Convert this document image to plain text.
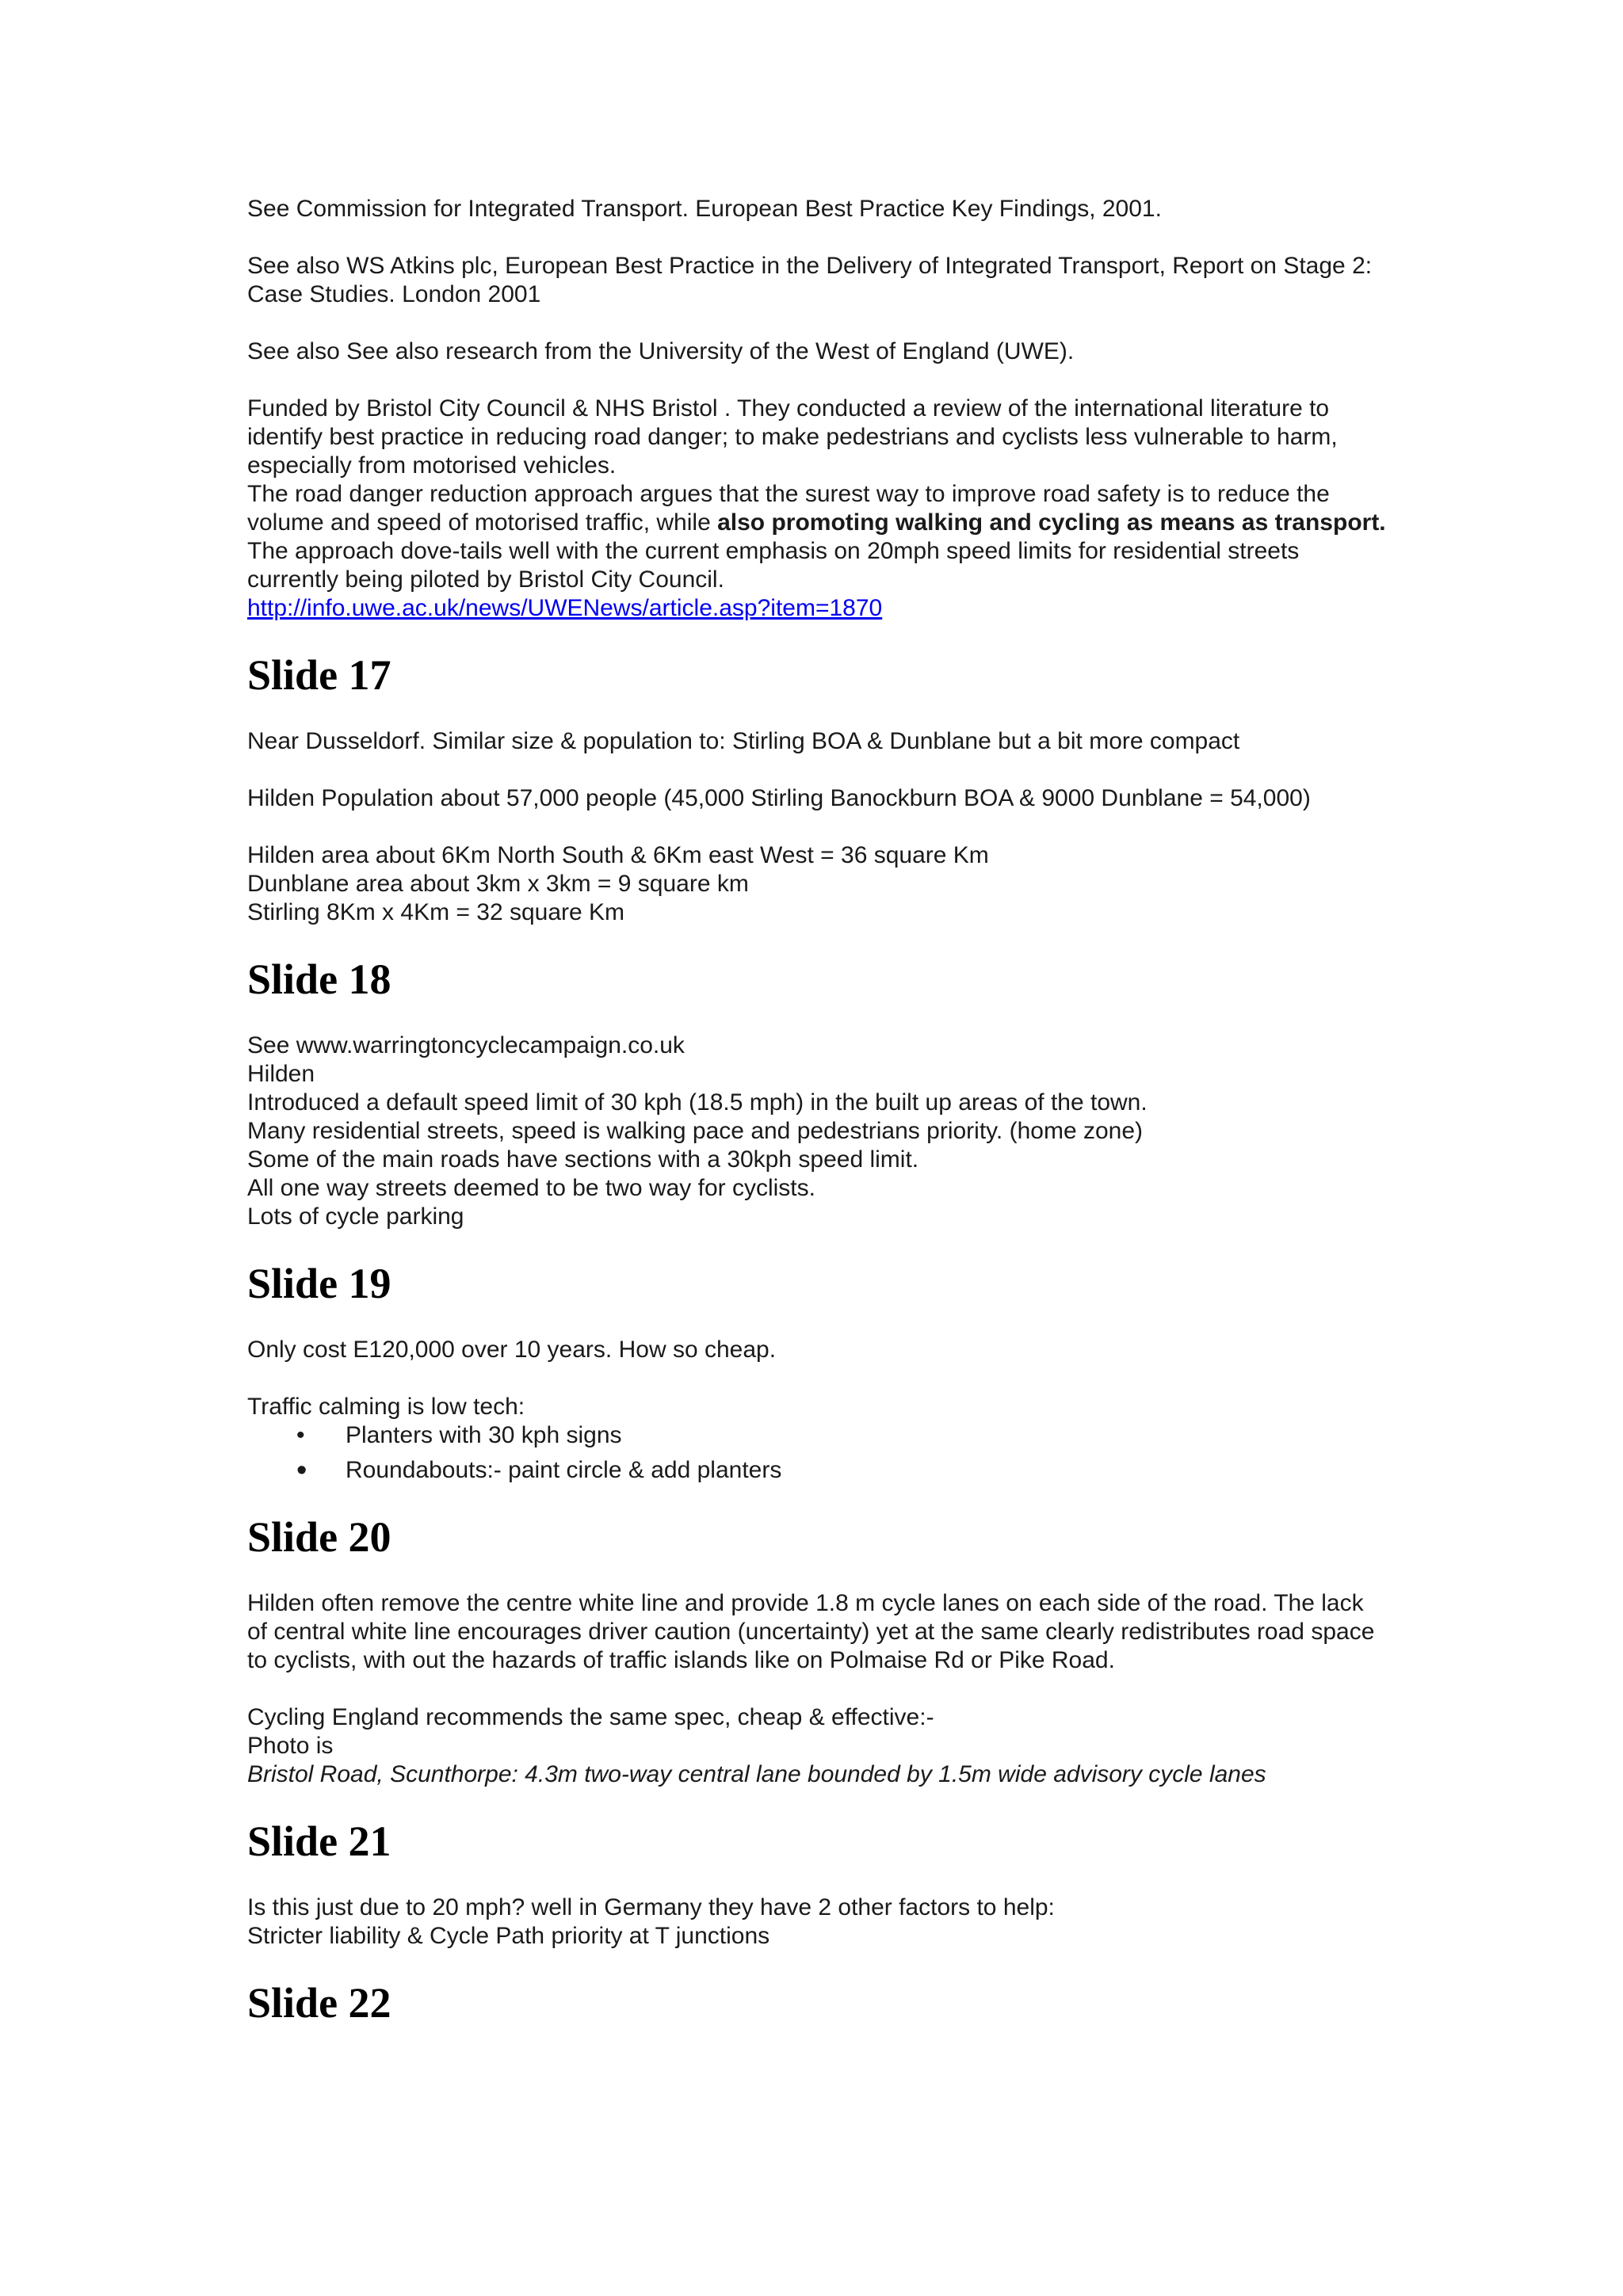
See Commission for Integrated Transport. European Best Practice Key Findings, 2001.

See also WS Atkins plc, European Best Practice in the Delivery of Integrated Transport, Report on Stage 2: Case Studies. London 2001

See also See also research from the University of the West of England (UWE).

Funded by Bristol City Council & NHS Bristol . They conducted a review of the international literature to identify best practice in reducing road danger; to make pedestrians and cyclists less vulnerable to harm, especially from motorised vehicles.

The road danger reduction approach argues that the surest way to improve road safety is to reduce the volume and speed of motorised traffic, while also promoting walking and cycling as means as transport. The approach dove-tails well with the current emphasis on 20mph speed limits for residential streets currently being piloted by Bristol City Council.

http://info.uwe.ac.uk/news/UWENews/article.asp?item=1870

Slide 17

Near Dusseldorf. Similar size & population to: Stirling BOA & Dunblane but a bit more compact

Hilden Population about 57,000 people (45,000 Stirling Banockburn BOA & 9000 Dunblane = 54,000)

Hilden area about 6Km North South & 6Km east West = 36 square Km

Dunblane area about 3km x 3km = 9 square km

Stirling 8Km x 4Km = 32 square Km

Slide 18

See www.warringtoncyclecampaign.co.uk

Hilden

Introduced a default speed limit of 30 kph (18.5 mph) in the built up areas of the town.

Many residential streets, speed is walking pace and pedestrians priority. (home zone)

Some of the main roads have sections with a 30kph speed limit.

All one way streets deemed to be two way for cyclists.

Lots of cycle parking

Slide 19

Only cost E120,000 over 10 years. How so cheap.

Traffic calming is low tech:

• Planters with 30 kph signs
• Roundabouts:- paint circle & add planters
Slide 20

Hilden often remove the centre white line and provide 1.8 m cycle lanes on each side of the road. The lack of central white line encourages driver caution (uncertainty) yet at the same clearly redistributes road space to cyclists, with out the hazards of traffic islands like on Polmaise Rd or Pike Road.

Cycling England recommends the same spec, cheap & effective:-

Photo is

Bristol Road, Scunthorpe: 4.3m two-way central lane bounded by 1.5m wide advisory cycle lanes

Slide 21

Is this just due to 20 mph? well in Germany they have 2 other factors to help:

Stricter liability & Cycle Path priority at T junctions

Slide 22
